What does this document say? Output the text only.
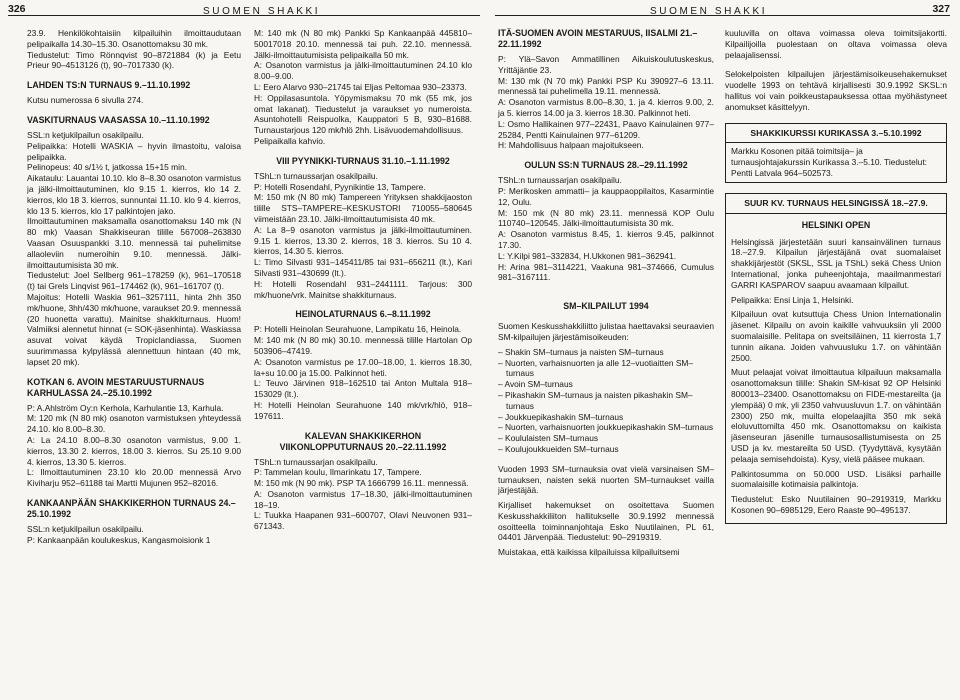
326	SUOMEN SHAKKI	SUOMEN SHAKKI	327

23.9. Henkilökohtaisiin kilpailuihin ilmoittaudutaan pelipaikalla 14.30–15.30. Osanottomaksu 30 mk.

Tiedustelut: Timo Rönnqvist 90–8721884 (k) ja Eetu Prieur 90–4513126 (t), 90–7017330 (k).

LAHDEN TS:N TURNAUS 9.–11.10.1992

Kutsu numerossa 6 sivulla 274.

VASKITURNAUS VAASASSA 10.–11.10.1992

SSL:n ketjukilpailun osakilpailu.

Pelipaikka: Hotelli WASKIA – hyvin ilmastoitu, valoisa pelipaikka.

Pelinopeus: 40 s/1½ t, jatkossa 15+15 min.

Aikataulu: Lauantai 10.10. klo 8–8.30 osanoton varmistus ja jälki-ilmoittautuminen, klo 9.15 1. kierros, klo 14 2. kierros, klo 18 3. kierros, sunnuntai 11.10. klo 9 4. kierros, klo 13 5. kierros, klo 17 palkintojen jako.

Ilmoittautuminen maksamalla osanottomaksu 140 mk (N 80 mk) Vaasan Shakkiseuran tilille 567008–263830 Vaasan Osuuspankki 3.10. mennessä tai puhelimitse allaoleviin numeroihin 9.10. mennessä. Jälki-ilmoittautumisista 30 mk.

Tiedustelut: Joel Sellberg 961–178259 (k), 961–170518 (t) tai Grels Linqvist 961–174462 (k), 961–161707 (t).

Majoitus: Hotelli Waskia 961–3257111, hinta 2hh 350 mk/huone, 3hh/430 mk/huone, varaukset 20.9. mennessä (20 huonetta varattu). Mainitse shakkiturnaus. Huom! Valmiiksi alennetut hinnat (= SOK-jäsenhinta). Waskiassa asuvat voivat käydä Tropiclandiassa, Suomen suurimmassa kylpylässä alennettuun hintaan (40 mk, lapset 20 mk).

KOTKAN 6. AVOIN MESTARUUSTURNAUS KARHULASSA 24.–25.10.1992

P: A.Ahlström Oy:n Kerhola, Karhulantie 13, Karhula.

M: 120 mk (N 80 mk) osanoton varmistuksen yhteydessä 24.10. klo 8.00–8.30.

A: La 24.10 8.00–8.30 osanoton varmistus, 9.00 1. kierros, 13.30 2. kierros, 18.00 3. kierros. Su 25.10 9.00 4. kierros, 13.30 5. kierros.

L: Ilmoittautuminen 23.10 klo 20.00 mennessä Arvo Kiviharju 952–61188 tai Martti Mujunen 952–82016.

KANKAANPÄÄN SHAKKIKERHON TURNAUS 24.–25.10.1992

SSL:n ketjukilpailun osakilpailu.

P: Kankaanpään koulukeskus, Kangasmoisionk 1

M: 140 mk (N 80 mk) Pankki Sp Kankaanpää 445810–50017018 20.10. mennessä tai puh. 22.10. mennessä. Jälki-ilmoittautumisista pelipaikalla 50 mk.

A: Osanoton varmistus ja jälki-ilmoittautuminen 24.10 klo 8.00–9.00.

L: Eero Alarvo 930–21745 tai Eljas Peltomaa 930–23373.

H: Oppilasasuntola. Yöpymismaksu 70 mk (55 mk, jos omat lakanat). Tiedustelut ja varaukset yo numeroista. Asuntohotelli Reispuolka, Kauppatori 5 B, 930–81688. Turnaustarjous 120 mk/hlö 2hh. Lisävuodemahdollisuus.

Pelipaikalla kahvio.

VIII PYYNIKKI-TURNAUS 31.10.–1.11.1992

TShL:n turnaussarjan osakilpailu.

P: Hotelli Rosendahl, Pyynikintie 13, Tampere.

M: 150 mk (N 80 mk) Tampereen Yrityksen shakkijaoston tilille STS–TAMPERE–KESKUSTORI 710055–580645 viimeistään 23.10. Jälki-ilmoittautumisista 40 mk.

A: La 8–9 osanoton varmistus ja jälki-ilmoittautuminen. 9.15 1. kierros, 13.30 2. kierros, 18 3. kierros. Su 10 4. kierros, 14.30 5. kierros.

L: Timo Silvasti 931–145411/85 tai 931–656211 (lt.), Kari Silvasti 931–430699 (lt.).

H: Hotelli Rosendahl 931–2441111. Tarjous: 300 mk/huone/vrk. Mainitse shakkiturnaus.

HEINOLATURNAUS 6.–8.11.1992

P: Hotelli Heinolan Seurahuone, Lampikatu 16, Heinola.

M: 140 mk (N 80 mk) 30.10. mennessä tilille Hartolan Op 503906–47419.

A: Osanoton varmistus pe 17.00–18.00, 1. kierros 18.30, la+su 10.00 ja 15.00. Palkinnot heti.

L: Teuvo Järvinen 918–162510 tai Anton Multala 918–153029 (lt.).

H: Hotelli Heinolan Seurahuone 140 mk/vrk/hlö, 918–197611.

KALEVAN SHAKKIKERHON VIIKONLOPPUTURNAUS 20.–22.11.1992

TShL:n turnaussarjan osakilpailu.

P: Tammelan koulu, Ilmarinkatu 17, Tampere.

M: 150 mk (N 90 mk). PSP TA 1666799 16.11. mennessä.

A: Osanoton varmistus 17–18.30, jälki-ilmoittautuminen 18–19.

L: Tuukka Haapanen 931–600707, Olavi Neuvonen 931–671343.

ITÄ-SUOMEN AVOIN MESTARUUS, IISALMI 21.–22.11.1992

P: Ylä–Savon Ammatillinen Aikuiskoulutuskeskus, Yrittäjäntie 23.

M: 130 mk (N 70 mk) Pankki PSP Ku 390927–6 13.11. mennessä tai puhelimella 19.11. mennessä.

A: Osanoton varmistus 8.00–8.30, 1. ja 4. kierros 9.00, 2. ja 5. kierros 14.00 ja 3. kierros 18.30. Palkinnot heti.

L: Osmo Hallikainen 977–22431, Paavo Kainulainen 977–25284, Pentti Kainulainen 977–61209.

H: Mahdollisuus halpaan majoitukseen.

OULUN SS:N TURNAUS 28.–29.11.1992

TShL:n turnaussarjan osakilpailu.

P: Merikosken ammatti– ja kauppaoppilaitos, Kasarmintie 12, Oulu.

M: 150 mk (N 80 mk) 23.11. mennessä KOP Oulu 110740–120545. Jälki-ilmoittautumisista 30 mk.

A: Osanoton varmistus 8.45, 1. kierros 9.45, palkinnot 17.30.

L: Y.Kilpi 981–332834, H.Ukkonen 981–362941.

H: Arina 981–3114221, Vaakuna 981–374666, Cumulus 981–3167111.

SM–KILPAILUT 1994

Suomen Keskusshakkiliitto julistaa haettavaksi seuraavien SM-kilpailujen järjestämisoikeuden:

– Shakin SM–turnaus ja naisten SM–turnaus

– Nuorten, varhaisnuorten ja alle 12–vuotiaitten SM–turnaus

– Avoin SM–turnaus

– Pikashakin SM–turnaus ja naisten pikashakin SM–turnaus

– Joukkuepikashakin SM–turnaus

– Nuorten, varhaisnuorten joukkuepikashakin SM–turnaus

– Koululaisten SM–turnaus

– Koulujoukkueiden SM–turnaus

Vuoden 1993 SM–turnauksia ovat vielä varsinaisen SM–turnauksen, naisten sekä nuorten SM–turnaukset vailla järjestäjää.

Kirjalliset hakemukset on osoitettava Suomen Keskusshakkiliiton hallitukselle 30.9.1992 mennessä osoitteella toiminnanjohtaja Esko Nuutilainen, PL 61, 04401 Järvenpää. Tiedustelut: 90–2919319.

Muistakaa, että kaikissa kilpailuissa kilpailuitsemi

kuuluvilla on oltava voimassa oleva toimitsijakortti. Kilpailijoilla puolestaan on oltava voimassa oleva pelaajalisenssi.

Selokelpoisten kilpailujen järjestämisoikeusehakemukset vuodelle 1993 on tehtävä kirjallisesti 30.9.1992 SKSL:n hallitus voi vain poikkeustapauksessa ottaa myöhästyneet anomukset käsittelyyn.

SHAKKIKURSSI KURIKASSA 3.–5.10.1992

Markku Kosonen pitää toimitsija– ja turnausjohtajakurssin Kurikassa 3.–5.10. Tiedustelut: Pentti Latvala 964–502573.

SUUR KV. TURNAUS HELSINGISSÄ 18.–27.9.
HELSINKI OPEN

Helsingissä järjestetään suuri kansainvälinen turnaus 18.–27.9. Kilpailun järjestäjänä ovat suomalaiset shakkijärjestöt (SKSL, SSL ja TShL) sekä Chess Union International, jonka puheenjohtaja, maailmanmestari GARRI KASPAROV saapuu avaamaan kilpailut.

Pelipaikka: Ensi Linja 1, Helsinki.

Kilpailuun ovat kutsuttuja Chess Union Internationalin jäsenet. Kilpailu on avoin kaikille vahvuuksiin yli 2000 suomalaisille. Pelitapa on sveitsiläinen, 11 kierrosta 1,7 tunnin aikana. Joiden vahvuusluku 1.7. on vähintään 2500.

Muut pelaajat voivat ilmoittautua kilpailuun maksamalla osanottomaksun tilille: Shakin SM-kisat 92 OP Helsinki 800013–23400. Osanottomaksu on FIDE-mestareilta (ja ylempää) 0 mk, yli 2350 vahvuusluvun 1.7. on vähintään 2300) 250 mk, muilta elopelaajilta 350 mk sekä eloluvuttomilta 450 mk. Osanottomaksu on kaikista jäsenseuran jäsenille turnausosallistumisesta on 25 USD ja kv. mestareilta 50 USD. (Tyydyttävä, kysytään pelaaja semisehdoista). Kysy, vielä pääsee mukaan.

Palkintosumma on 50.000 USD. Lisäksi parhaille suomalaisille kotimaisia palkintoja.

Tiedustelut: Esko Nuutilainen 90–2919319, Markku Kosonen 90–6985129, Eero Raaste 90–495137.
